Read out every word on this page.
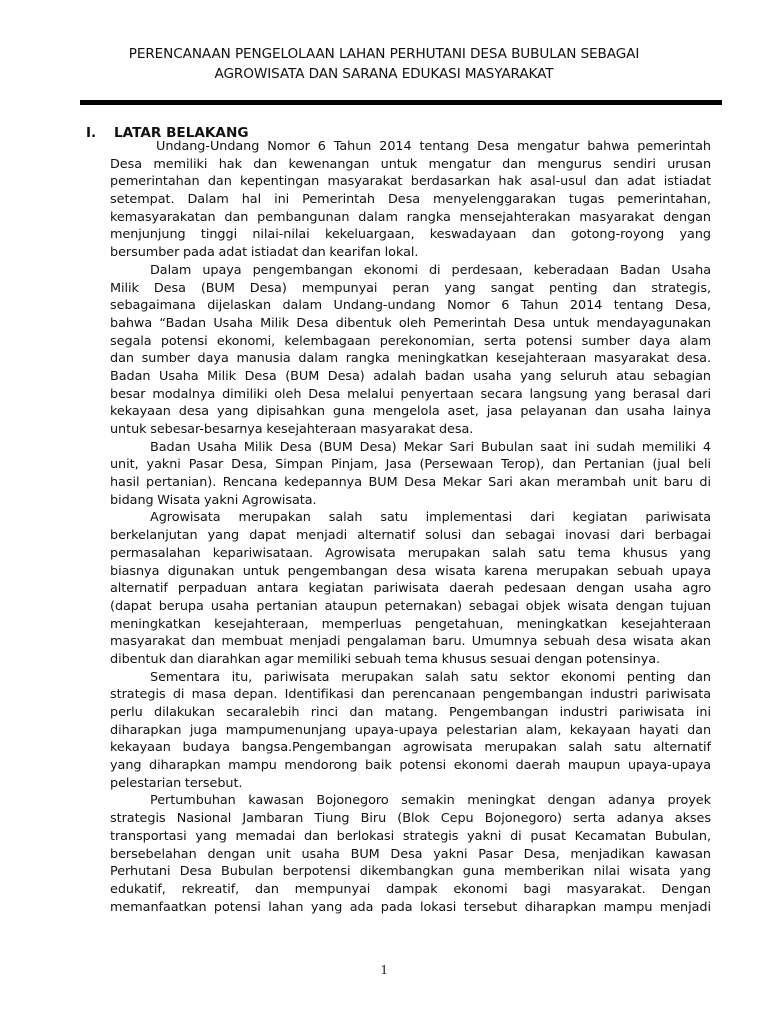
PERENCANAAN PENGELOLAAN LAHAN PERHUTANI DESA BUBULAN SEBAGAI
AGROWISATA DAN SARANA EDUKASI MASYARAKAT
I. LATAR BELAKANG
Undang-Undang Nomor 6 Tahun 2014 tentang Desa mengatur bahwa pemerintah
Desa memiliki hak dan kewenangan untuk mengatur dan mengurus sendiri urusan
pemerintahan dan kepentingan masyarakat berdasarkan hak asal-usul dan adat istiadat
setempat. Dalam hal ini Pemerintah Desa menyelenggarakan tugas pemerintahan,
kemasyarakatan dan pembangunan dalam rangka mensejahterakan masyarakat dengan
menjunjung tinggi nilai-nilai kekeluargaan, keswadayaan dan gotong-royong yang
bersumber pada adat istiadat dan kearifan lokal.
Dalam upaya pengembangan ekonomi di perdesaan, keberadaan Badan Usaha
Milik Desa (BUM Desa) mempunyai peran yang sangat penting dan strategis,
sebagaimana dijelaskan dalam Undang-undang Nomor 6 Tahun 2014 tentang Desa,
bahwa “Badan Usaha Milik Desa dibentuk oleh Pemerintah Desa untuk mendayagunakan
segala potensi ekonomi, kelembagaan perekonomian, serta potensi sumber daya alam
dan sumber daya manusia dalam rangka meningkatkan kesejahteraan masyarakat desa.
Badan Usaha Milik Desa (BUM Desa) adalah badan usaha yang seluruh atau sebagian
besar modalnya dimiliki oleh Desa melalui penyertaan secara langsung yang berasal dari
kekayaan desa yang dipisahkan guna mengelola aset, jasa pelayanan dan usaha lainya
untuk sebesar-besarnya kesejahteraan masyarakat desa.
Badan Usaha Milik Desa (BUM Desa) Mekar Sari Bubulan saat ini sudah memiliki 4
unit, yakni Pasar Desa, Simpan Pinjam, Jasa (Persewaan Terop), dan Pertanian (jual beli
hasil pertanian). Rencana kedepannya BUM Desa Mekar Sari akan merambah unit baru di
bidang Wisata yakni Agrowisata.
Agrowisata merupakan salah satu implementasi dari kegiatan pariwisata
berkelanjutan yang dapat menjadi alternatif solusi dan sebagai inovasi dari berbagai
permasalahan kepariwisataan. Agrowisata merupakan salah satu tema khusus yang
biasnya digunakan untuk pengembangan desa wisata karena merupakan sebuah upaya
alternatif perpaduan antara kegiatan pariwisata daerah pedesaan dengan usaha agro
(dapat berupa usaha pertanian ataupun peternakan) sebagai objek wisata dengan tujuan
meningkatkan kesejahteraan, memperluas pengetahuan, meningkatkan kesejahteraan
masyarakat dan membuat menjadi pengalaman baru. Umumnya sebuah desa wisata akan
dibentuk dan diarahkan agar memiliki sebuah tema khusus sesuai dengan potensinya.
Sementara itu, pariwisata merupakan salah satu sektor ekonomi penting dan
strategis di masa depan. Identifikasi dan perencanaan pengembangan industri pariwisata
perlu dilakukan secaralebih rinci dan matang. Pengembangan industri pariwisata ini
diharapkan juga mampumenunjang upaya-upaya pelestarian alam, kekayaan hayati dan
kekayaan budaya bangsa.Pengembangan agrowisata merupakan salah satu alternatif
yang diharapkan mampu mendorong baik potensi ekonomi daerah maupun upaya-upaya
pelestarian tersebut.
Pertumbuhan kawasan Bojonegoro semakin meningkat dengan adanya proyek
strategis Nasional Jambaran Tiung Biru (Blok Cepu Bojonegoro) serta adanya akses
transportasi yang memadai dan berlokasi strategis yakni di pusat Kecamatan Bubulan,
bersebelahan dengan unit usaha BUM Desa yakni Pasar Desa, menjadikan kawasan
Perhutani Desa Bubulan berpotensi dikembangkan guna memberikan nilai wisata yang
edukatif, rekreatif, dan mempunyai dampak ekonomi bagi masyarakat. Dengan
memanfaatkan potensi lahan yang ada pada lokasi tersebut diharapkan mampu menjadi
1
